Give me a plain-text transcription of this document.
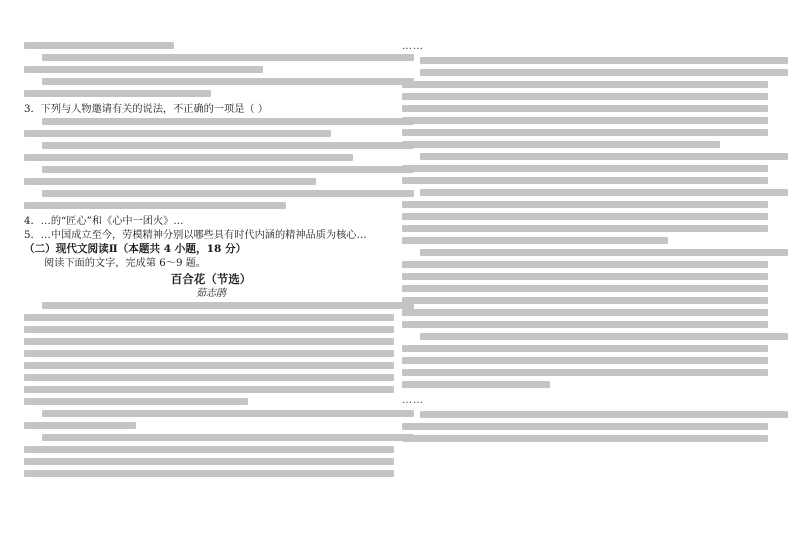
3．下列与人物邀请有关的说法，不正确的一项是（ ）
4．…的“匠心”和《心中一团火》…
5．…中国成立至今，劳模精神分别以哪些具有时代内涵的精神品质为核心…
（二）现代文阅读Ⅱ（本题共 4 小题，18 分）
阅读下面的文字，完成第 6～9 题。
百合花（节选）
茹志鹃
……
……
